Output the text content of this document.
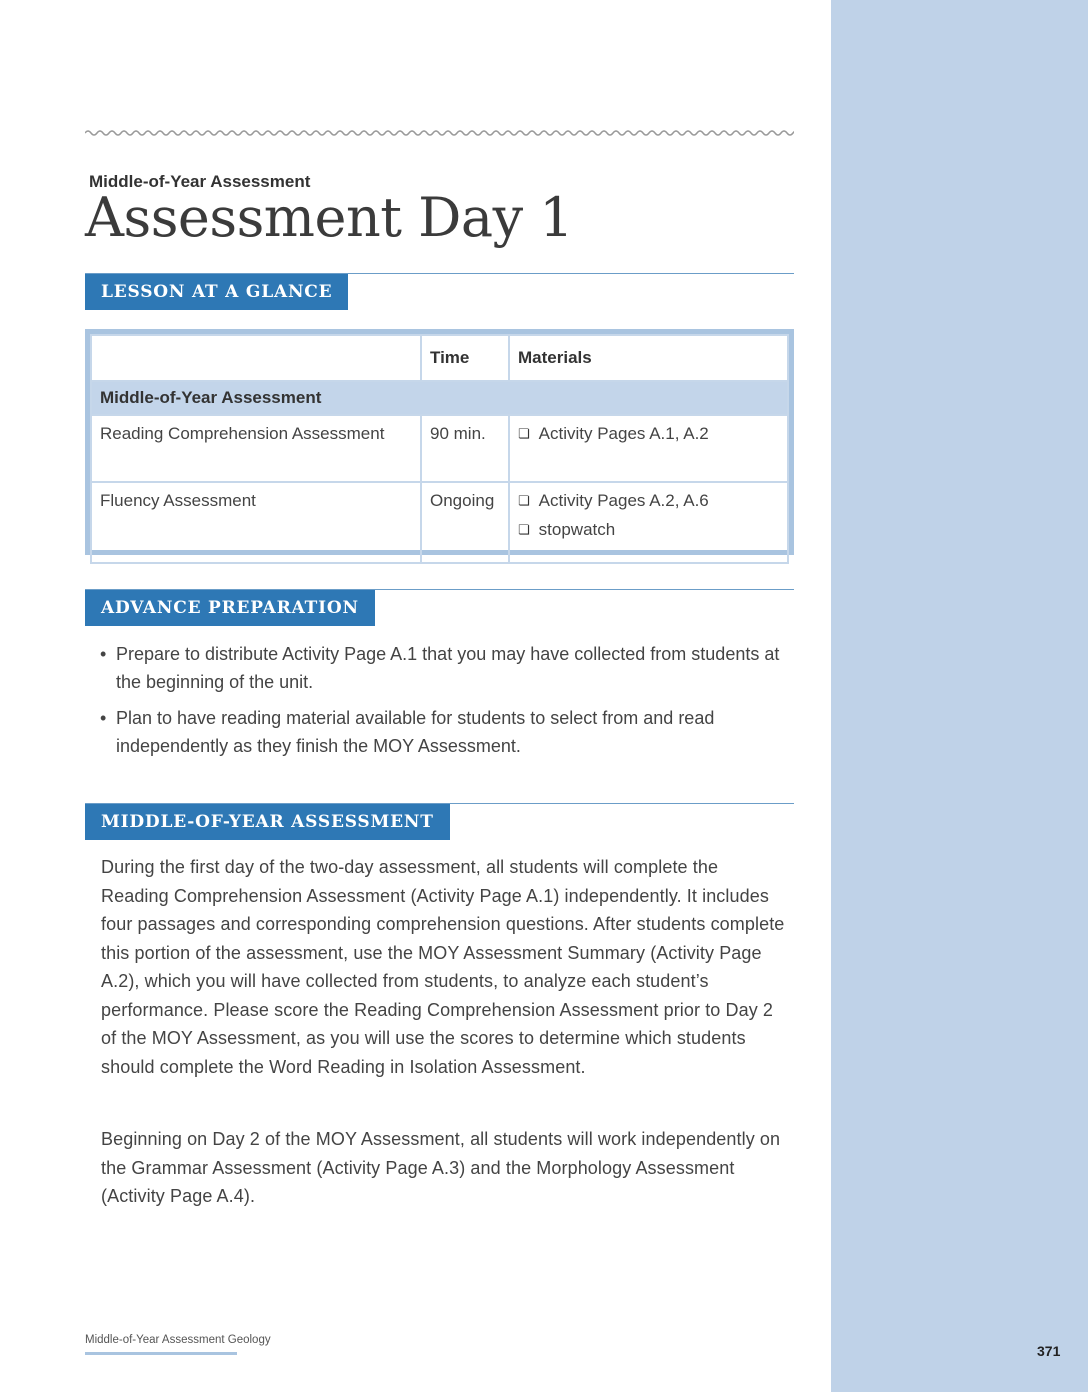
371
Middle-of-Year Assessment
Assessment Day 1
LESSON AT A GLANCE
	Time	Materials
Middle-of-Year Assessment		
Reading Comprehension Assessment	90 min.	❏ Activity Pages A.1, A.2

Fluency Assessment	Ongoing	❏ Activity Pages A.2, A.6
❏ stopwatch
ADVANCE PREPARATION
• Prepare to distribute Activity Page A.1 that you may have collected from students at the beginning of the unit.
• Plan to have reading material available for students to select from and read independently as they finish the MOY Assessment.
MIDDLE-OF-YEAR ASSESSMENT

During the first day of the two-day assessment, all students will complete the Reading Comprehension Assessment (Activity Page A.1) independently. It includes four passages and corresponding comprehension questions. After students complete this portion of the assessment, use the MOY Assessment Summary (Activity Page A.2), which you will have collected from students, to analyze each student’s performance. Please score the Reading Comprehension Assessment prior to Day 2 of the MOY Assessment, as you will use the scores to determine which students should complete the Word Reading in Isolation Assessment.

Beginning on Day 2 of the MOY Assessment, all students will work independently on the Grammar Assessment (Activity Page A.3) and the Morphology Assessment (Activity Page A.4).

Middle-of-Year Assessment Geology
